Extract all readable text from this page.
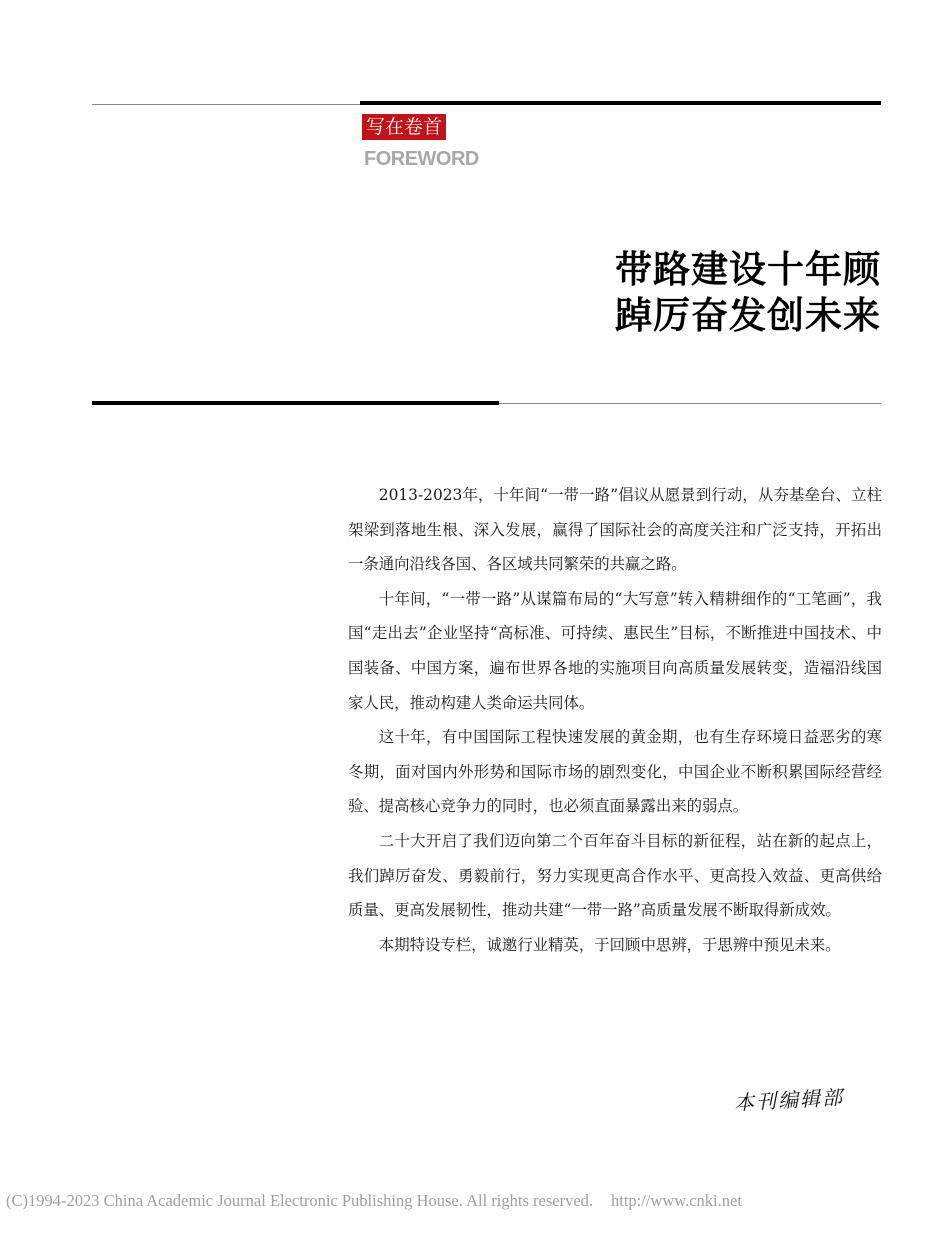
写在卷首
FOREWORD
带路建设十年顾
踔厉奋发创未来

2013-2023年，十年间“一带一路”倡议从愿景到行动，从夯基垒台、立柱架梁到落地生根、深入发展，赢得了国际社会的高度关注和广泛支持，开拓出一条通向沿线各国、各区域共同繁荣的共赢之路。

十年间，“一带一路”从谋篇布局的“大写意”转入精耕细作的“工笔画”，我国“走出去”企业坚持“高标准、可持续、惠民生”目标，不断推进中国技术、中国装备、中国方案，遍布世界各地的实施项目向高质量发展转变，造福沿线国家人民，推动构建人类命运共同体。

这十年，有中国国际工程快速发展的黄金期，也有生存环境日益恶劣的寒冬期，面对国内外形势和国际市场的剧烈变化，中国企业不断积累国际经营经验、提高核心竞争力的同时，也必须直面暴露出来的弱点。

二十大开启了我们迈向第二个百年奋斗目标的新征程，站在新的起点上，我们踔厉奋发、勇毅前行，努力实现更高合作水平、更高投入效益、更高供给质量、更高发展韧性，推动共建“一带一路”高质量发展不断取得新成效。

本期特设专栏，诚邀行业精英，于回顾中思辨，于思辨中预见未来。

本刊编辑部
(C)1994-2023 China Academic Journal Electronic Publishing House. All rights reserved. http://www.cnki.net
